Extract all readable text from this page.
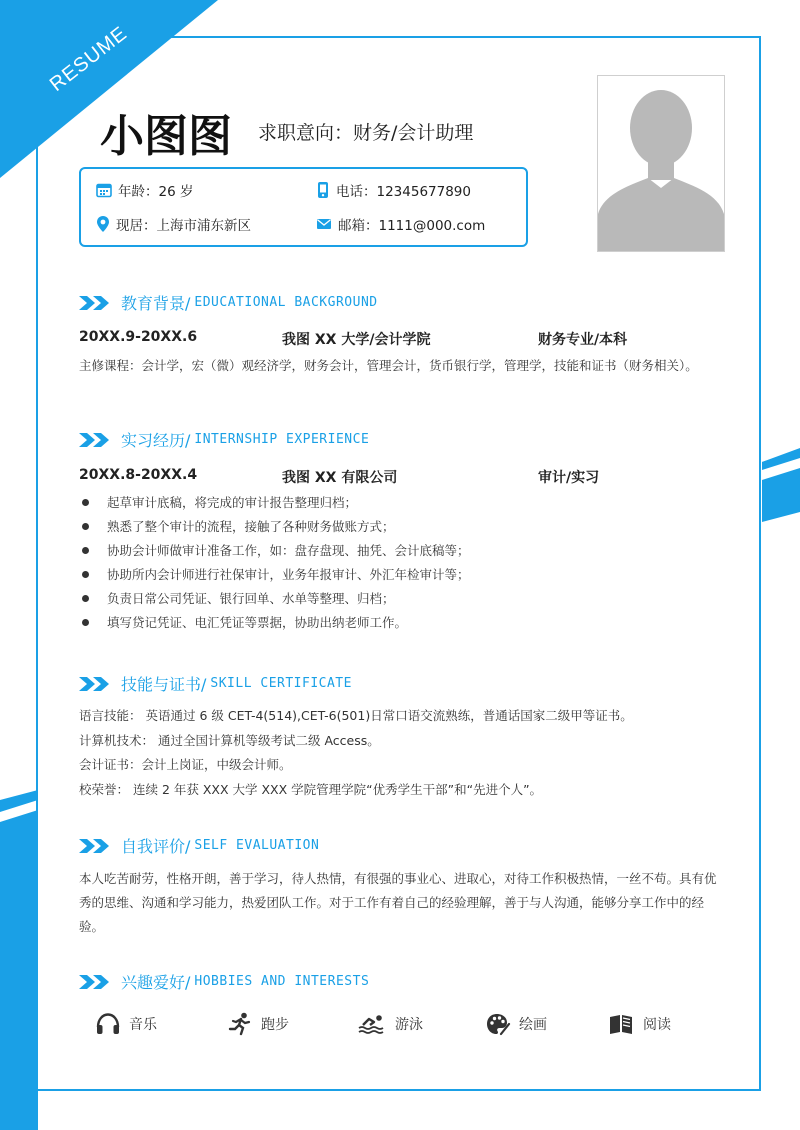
RESUME
小图图 求职意向：财务/会计助理
年龄：26 岁	电话：12345677890
现居：上海市浦东新区	邮箱：1111@000.com
教育背景/ EDUCATIONAL BACKGROUND
20XX.9-20XX.6	我图 XX 大学/会计学院	财务专业/本科
主修课程：会计学，宏（微）观经济学，财务会计，管理会计，货币银行学，管理学，技能和证书（财务相关）。
实习经历/ INTERNSHIP EXPERIENCE
20XX.8-20XX.4	我图 XX 有限公司	审计/实习
起草审计底稿，将完成的审计报告整理归档；
熟悉了整个审计的流程，接触了各种财务做账方式；
协助会计师做审计准备工作，如：盘存盘现、抽凭、会计底稿等；
协助所内会计师进行社保审计，业务年报审计、外汇年检审计等；
负责日常公司凭证、银行回单、水单等整理、归档；
填写贷记凭证、电汇凭证等票据，协助出纳老师工作。
技能与证书/ SKILL CERTIFICATE
语言技能： 英语通过 6 级 CET-4(514),CET-6(501)日常口语交流熟练，普通话国家二级甲等证书。
计算机技术： 通过全国计算机等级考试二级 Access。
会计证书：会计上岗证，中级会计师。
校荣誉： 连续 2 年获 XXX 大学 XXX 学院管理学院“优秀学生干部”和“先进个人”。
自我评价/ SELF EVALUATION
本人吃苦耐劳，性格开朗，善于学习，待人热情，有很强的事业心、进取心，对待工作积极热情，一丝不苟。具有优秀的思维、沟通和学习能力，热爱团队工作。对于工作有着自己的经验理解，善于与人沟通，能够分享工作中的经验。
兴趣爱好/ HOBBIES AND INTERESTS
音乐	跑步	游泳	绘画	阅读
